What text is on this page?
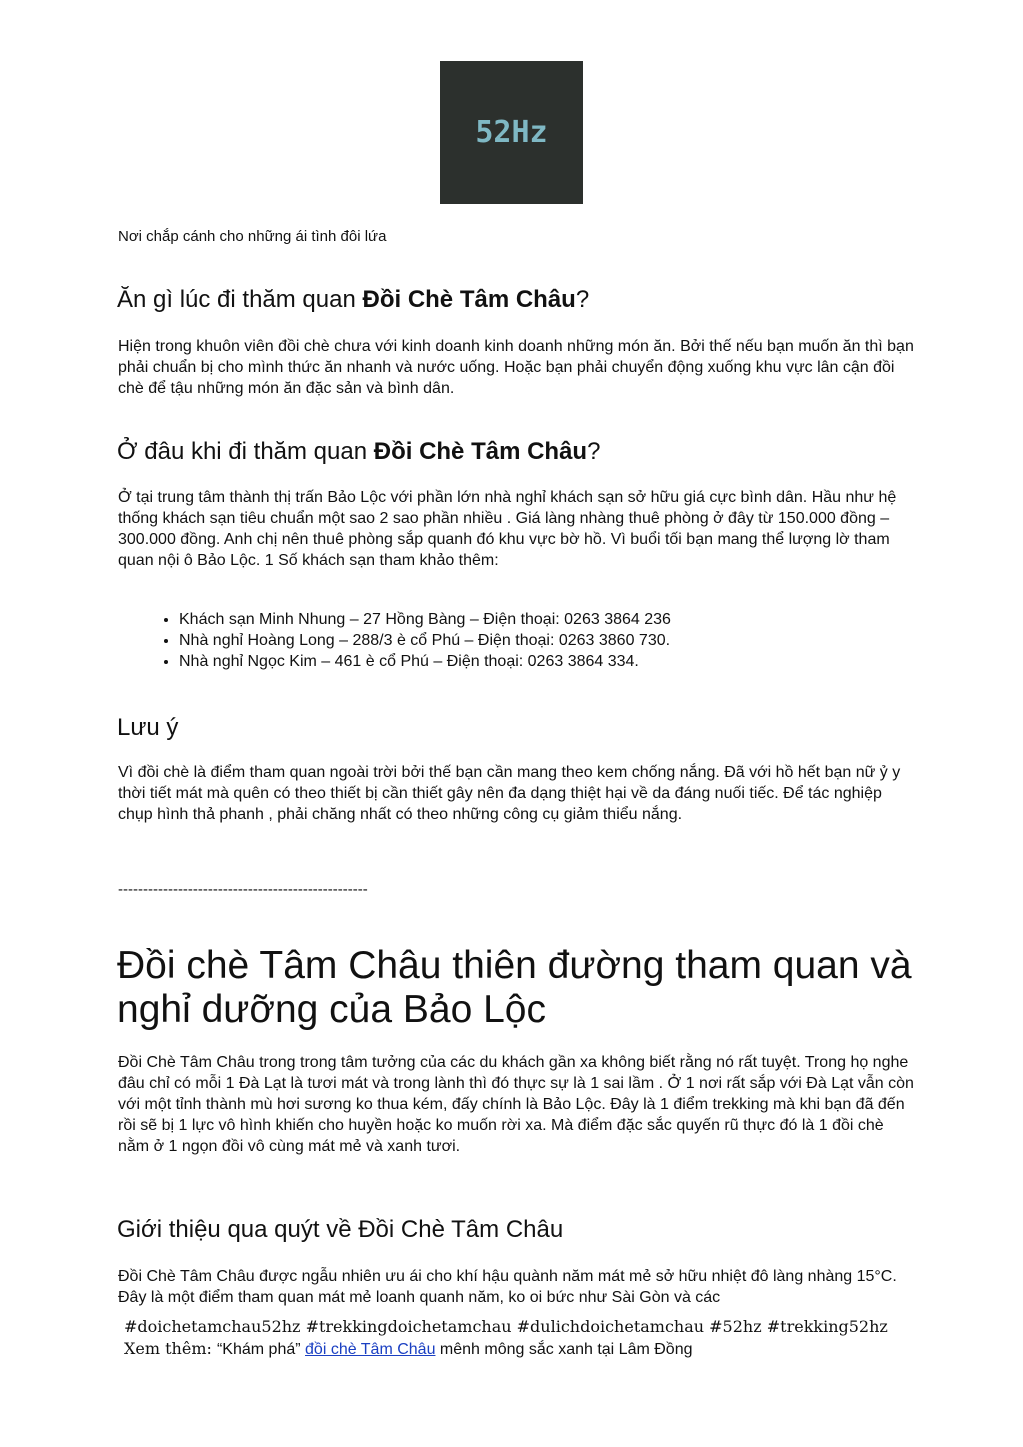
52Hz

Nơi chắp cánh cho những ái tình đôi lứa

Ăn gì lúc đi thăm quan Đồi Chè Tâm Châu?

Hiện trong khuôn viên đồi chè chưa với kinh doanh kinh doanh những món ăn. Bởi thế nếu bạn muốn ăn thì bạn phải chuẩn bị cho mình thức ăn nhanh và nước uống. Hoặc bạn phải chuyển động xuống khu vực lân cận đồi chè để tậu những món ăn đặc sản và bình dân.

Ở đâu khi đi thăm quan Đồi Chè Tâm Châu?

Ở tại trung tâm thành thị trấn Bảo Lộc với phần lớn nhà nghỉ khách sạn sở hữu giá cực bình dân. Hầu như hệ thống khách sạn tiêu chuẩn một sao 2 sao phần nhiều . Giá làng nhàng thuê phòng ở đây từ 150.000 đồng – 300.000 đồng. Anh chị nên thuê phòng sắp quanh đó khu vực bờ hồ. Vì buổi tối bạn mang thể lượng lờ tham quan nội ô Bảo Lộc. 1 Số khách sạn tham khảo thêm:

• Khách sạn Minh Nhung – 27 Hồng Bàng – Điện thoại: 0263 3864 236
• Nhà nghỉ Hoàng Long – 288/3 è cổ Phú – Điện thoại: 0263 3860 730.
• Nhà nghỉ Ngọc Kim – 461 è cổ Phú – Điện thoại: 0263 3864 334.
Lưu ý

Vì đồi chè là điểm tham quan ngoài trời bởi thế bạn cần mang theo kem chống nắng. Đã với hồ hết bạn nữ ỷ y thời tiết mát mà quên có theo thiết bị cần thiết gây nên đa dạng thiệt hại về da đáng nuối tiếc. Để tác nghiệp chụp hình thả phanh , phải chăng nhất có theo những công cụ giảm thiểu nắng.

--------------------------------------------------

Đồi chè Tâm Châu thiên đường tham quan và nghỉ dưỡng của Bảo Lộc

Đồi Chè Tâm Châu trong trong tâm tưởng của các du khách gần xa không biết rằng nó rất tuyệt. Trong họ nghe đâu chỉ có mỗi 1 Đà Lạt là tươi mát và trong lành thì đó thực sự là 1 sai lầm . Ở 1 nơi rất sắp với Đà Lạt vẫn còn với một tỉnh thành mù hơi sương ko thua kém, đấy chính là Bảo Lộc. Đây là 1 điểm trekking mà khi bạn đã đến rồi sẽ bị 1 lực vô hình khiến cho huyền hoặc ko muốn rời xa. Mà điểm đặc sắc quyến rũ thực đó là 1 đồi chè nằm ở 1 ngọn đồi vô cùng mát mẻ và xanh tươi.

Giới thiệu qua quýt về Đồi Chè Tâm Châu

Đồi Chè Tâm Châu được ngẫu nhiên ưu ái cho khí hậu quành năm mát mẻ sở hữu nhiệt đô làng nhàng 15°C. Đây là một điểm tham quan mát mẻ loanh quanh năm, ko oi bức như Sài Gòn và các

#doichetamchau52hz #trekkingdoichetamchau #dulichdoichetamchau #52hz #trekking52hz
Xem thêm: “Khám phá” đồi chè Tâm Châu mênh mông sắc xanh tại Lâm Đồng
